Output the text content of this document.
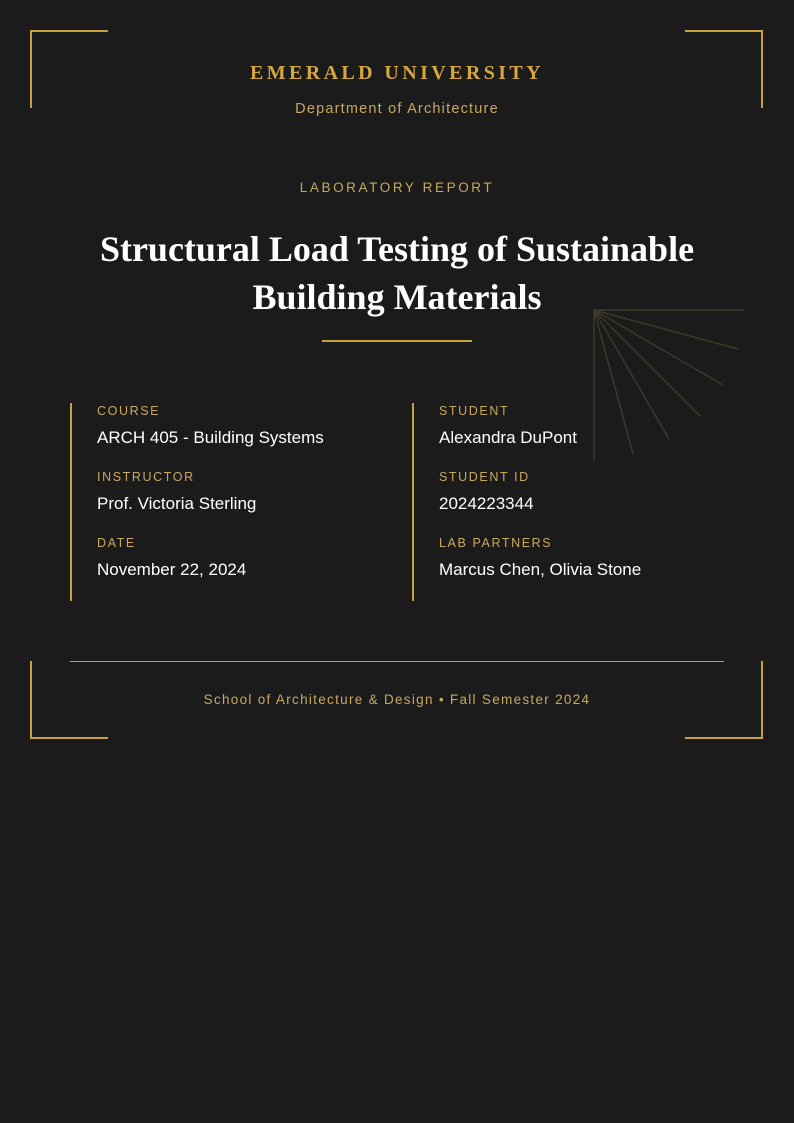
EMERALD UNIVERSITY
Department of Architecture
LABORATORY REPORT
Structural Load Testing of Sustainable Building Materials
COURSE
ARCH 405 - Building Systems
INSTRUCTOR
Prof. Victoria Sterling
DATE
November 22, 2024
STUDENT
Alexandra DuPont
STUDENT ID
2024223344
LAB PARTNERS
Marcus Chen, Olivia Stone
School of Architecture & Design • Fall Semester 2024
